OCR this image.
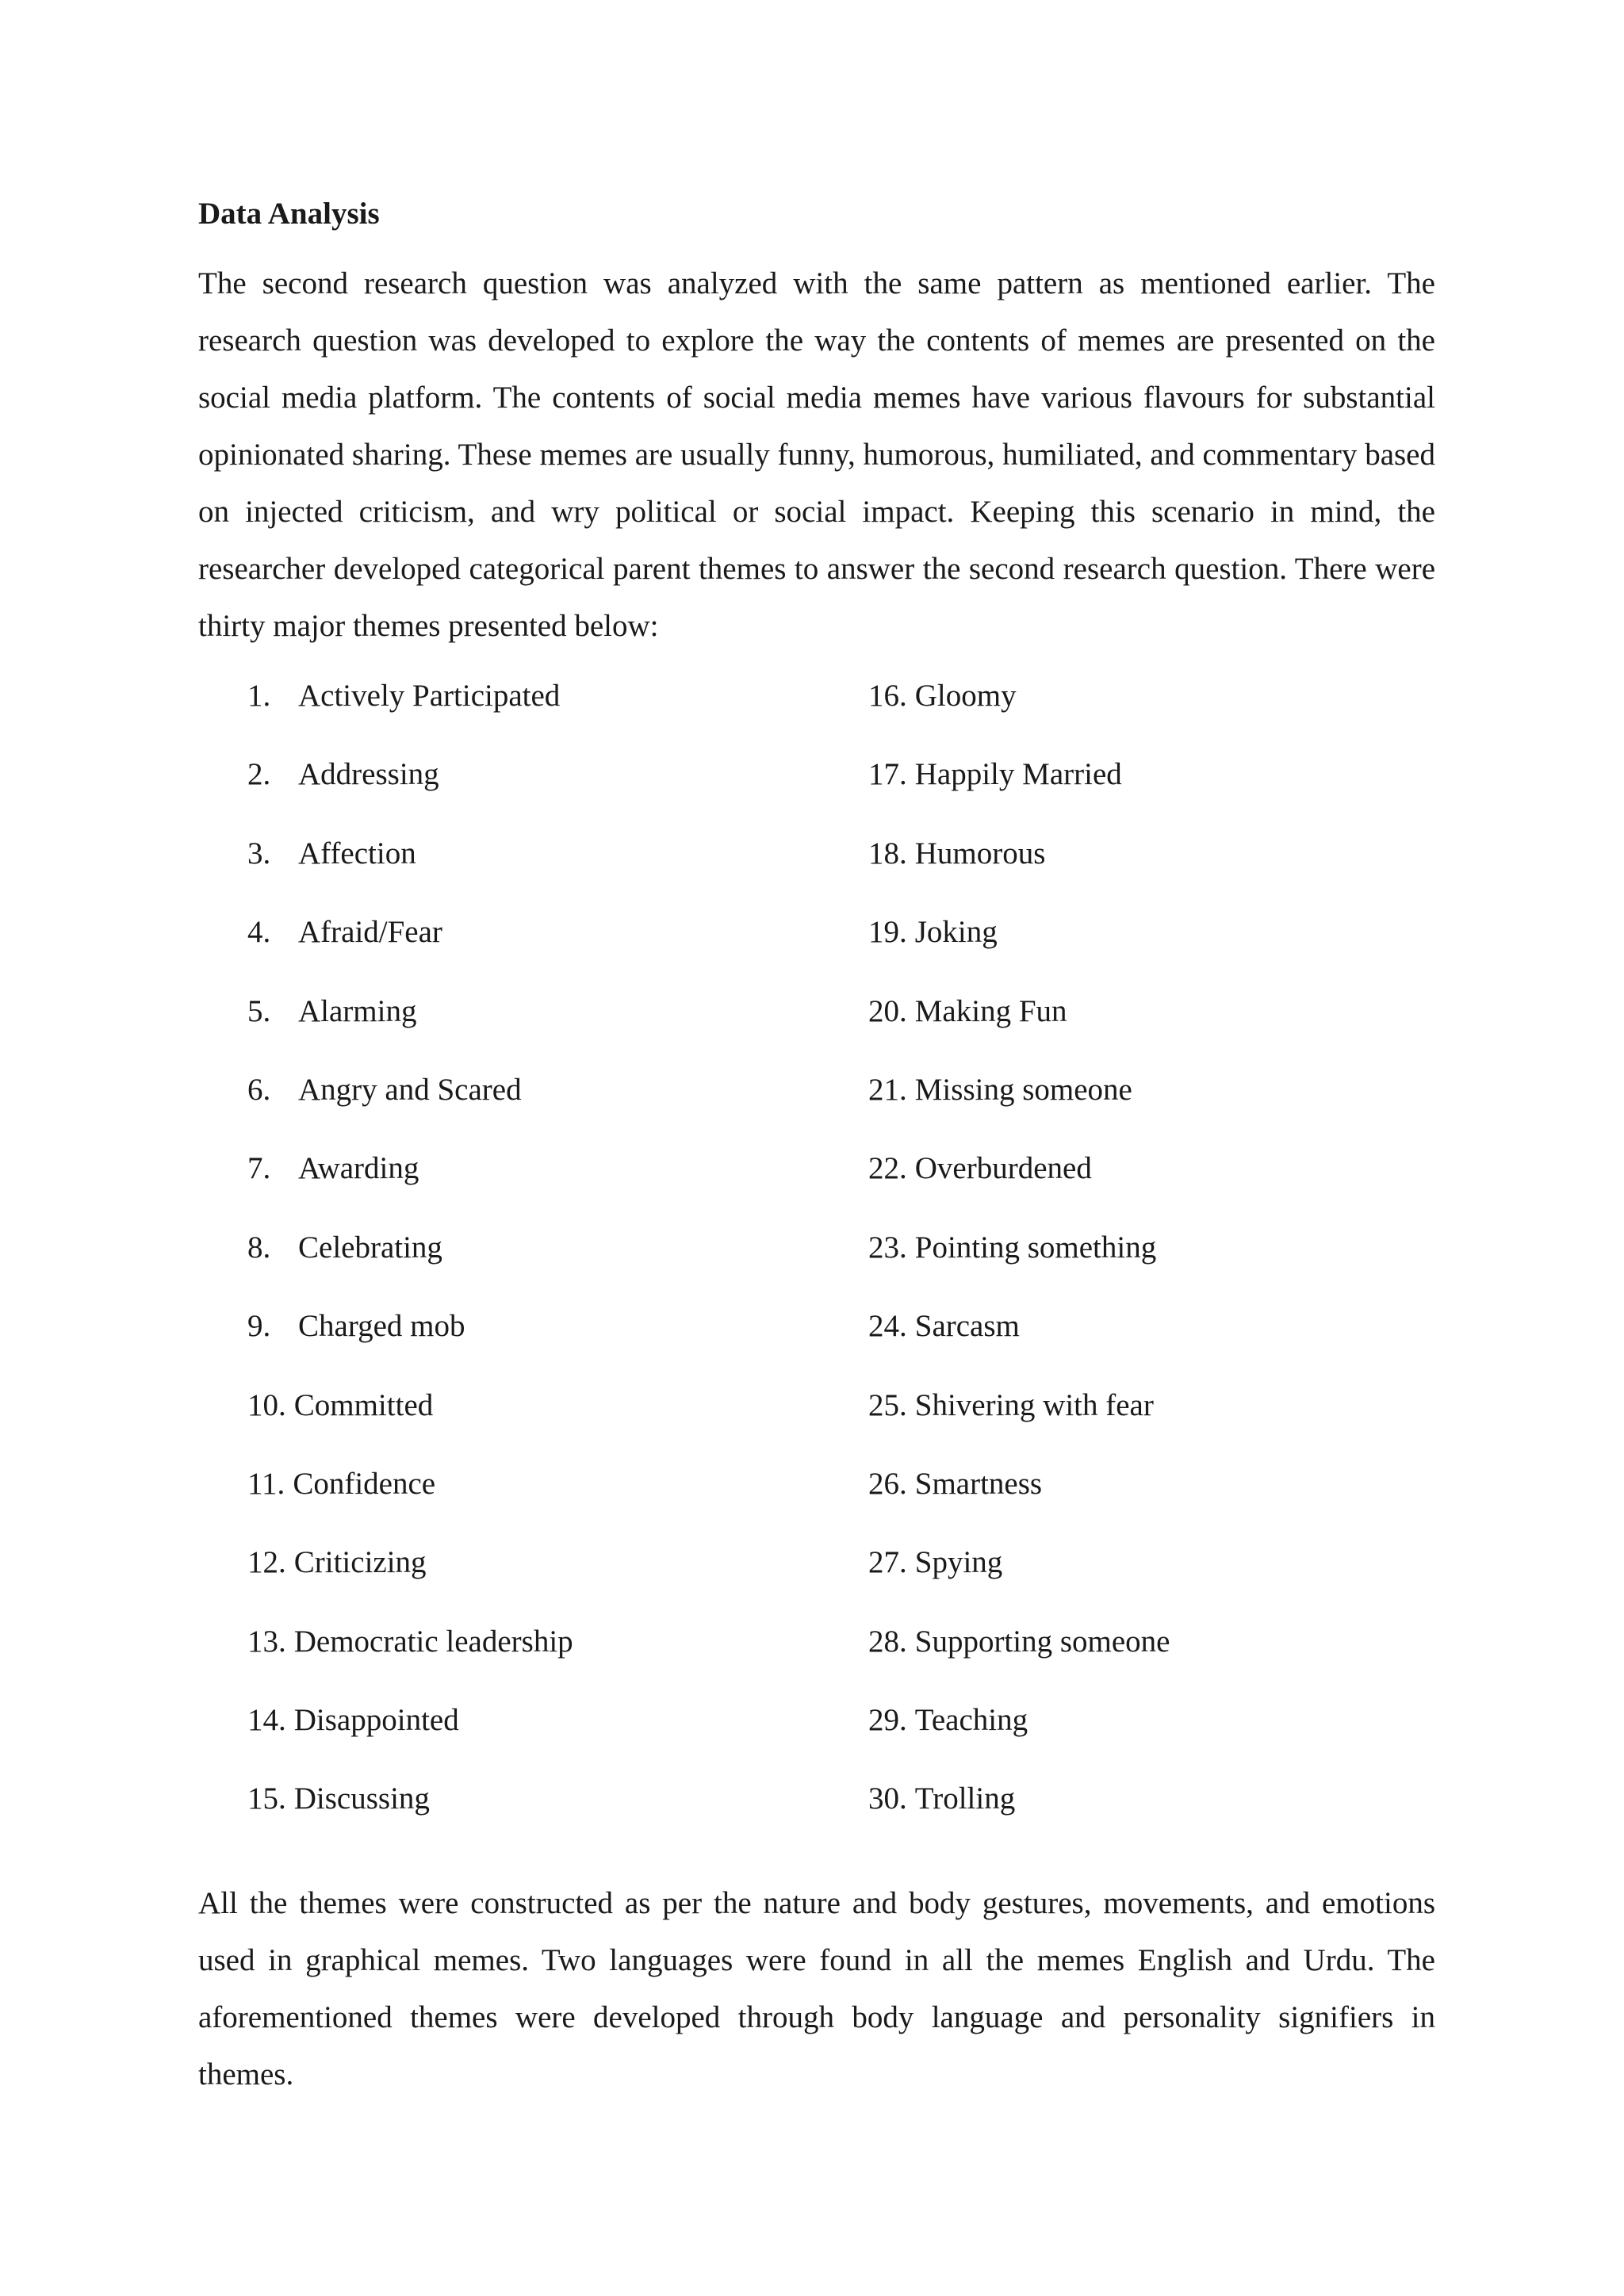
Data Analysis

The second research question was analyzed with the same pattern as mentioned earlier. The research question was developed to explore the way the contents of memes are presented on the social media platform. The contents of social media memes have various flavours for substantial opinionated sharing. These memes are usually funny, humorous, humiliated, and commentary based on injected criticism, and wry political or social impact. Keeping this scenario in mind, the researcher developed categorical parent themes to answer the second research question. There were thirty major themes presented below:

1. Actively Participated
2. Addressing
3. Affection
4. Afraid/Fear
5. Alarming
6. Angry and Scared
7. Awarding
8. Celebrating
9. Charged mob
10. Committed
11. Confidence
12. Criticizing
13. Democratic leadership
14. Disappointed
15. Discussing
16. Gloomy
17. Happily Married
18. Humorous
19. Joking
20. Making Fun
21. Missing someone
22. Overburdened
23. Pointing something
24. Sarcasm
25. Shivering with fear
26. Smartness
27. Spying
28. Supporting someone
29. Teaching
30. Trolling

All the themes were constructed as per the nature and body gestures, movements, and emotions used in graphical memes. Two languages were found in all the memes English and Urdu. The aforementioned themes were developed through body language and personality signifiers in themes.
